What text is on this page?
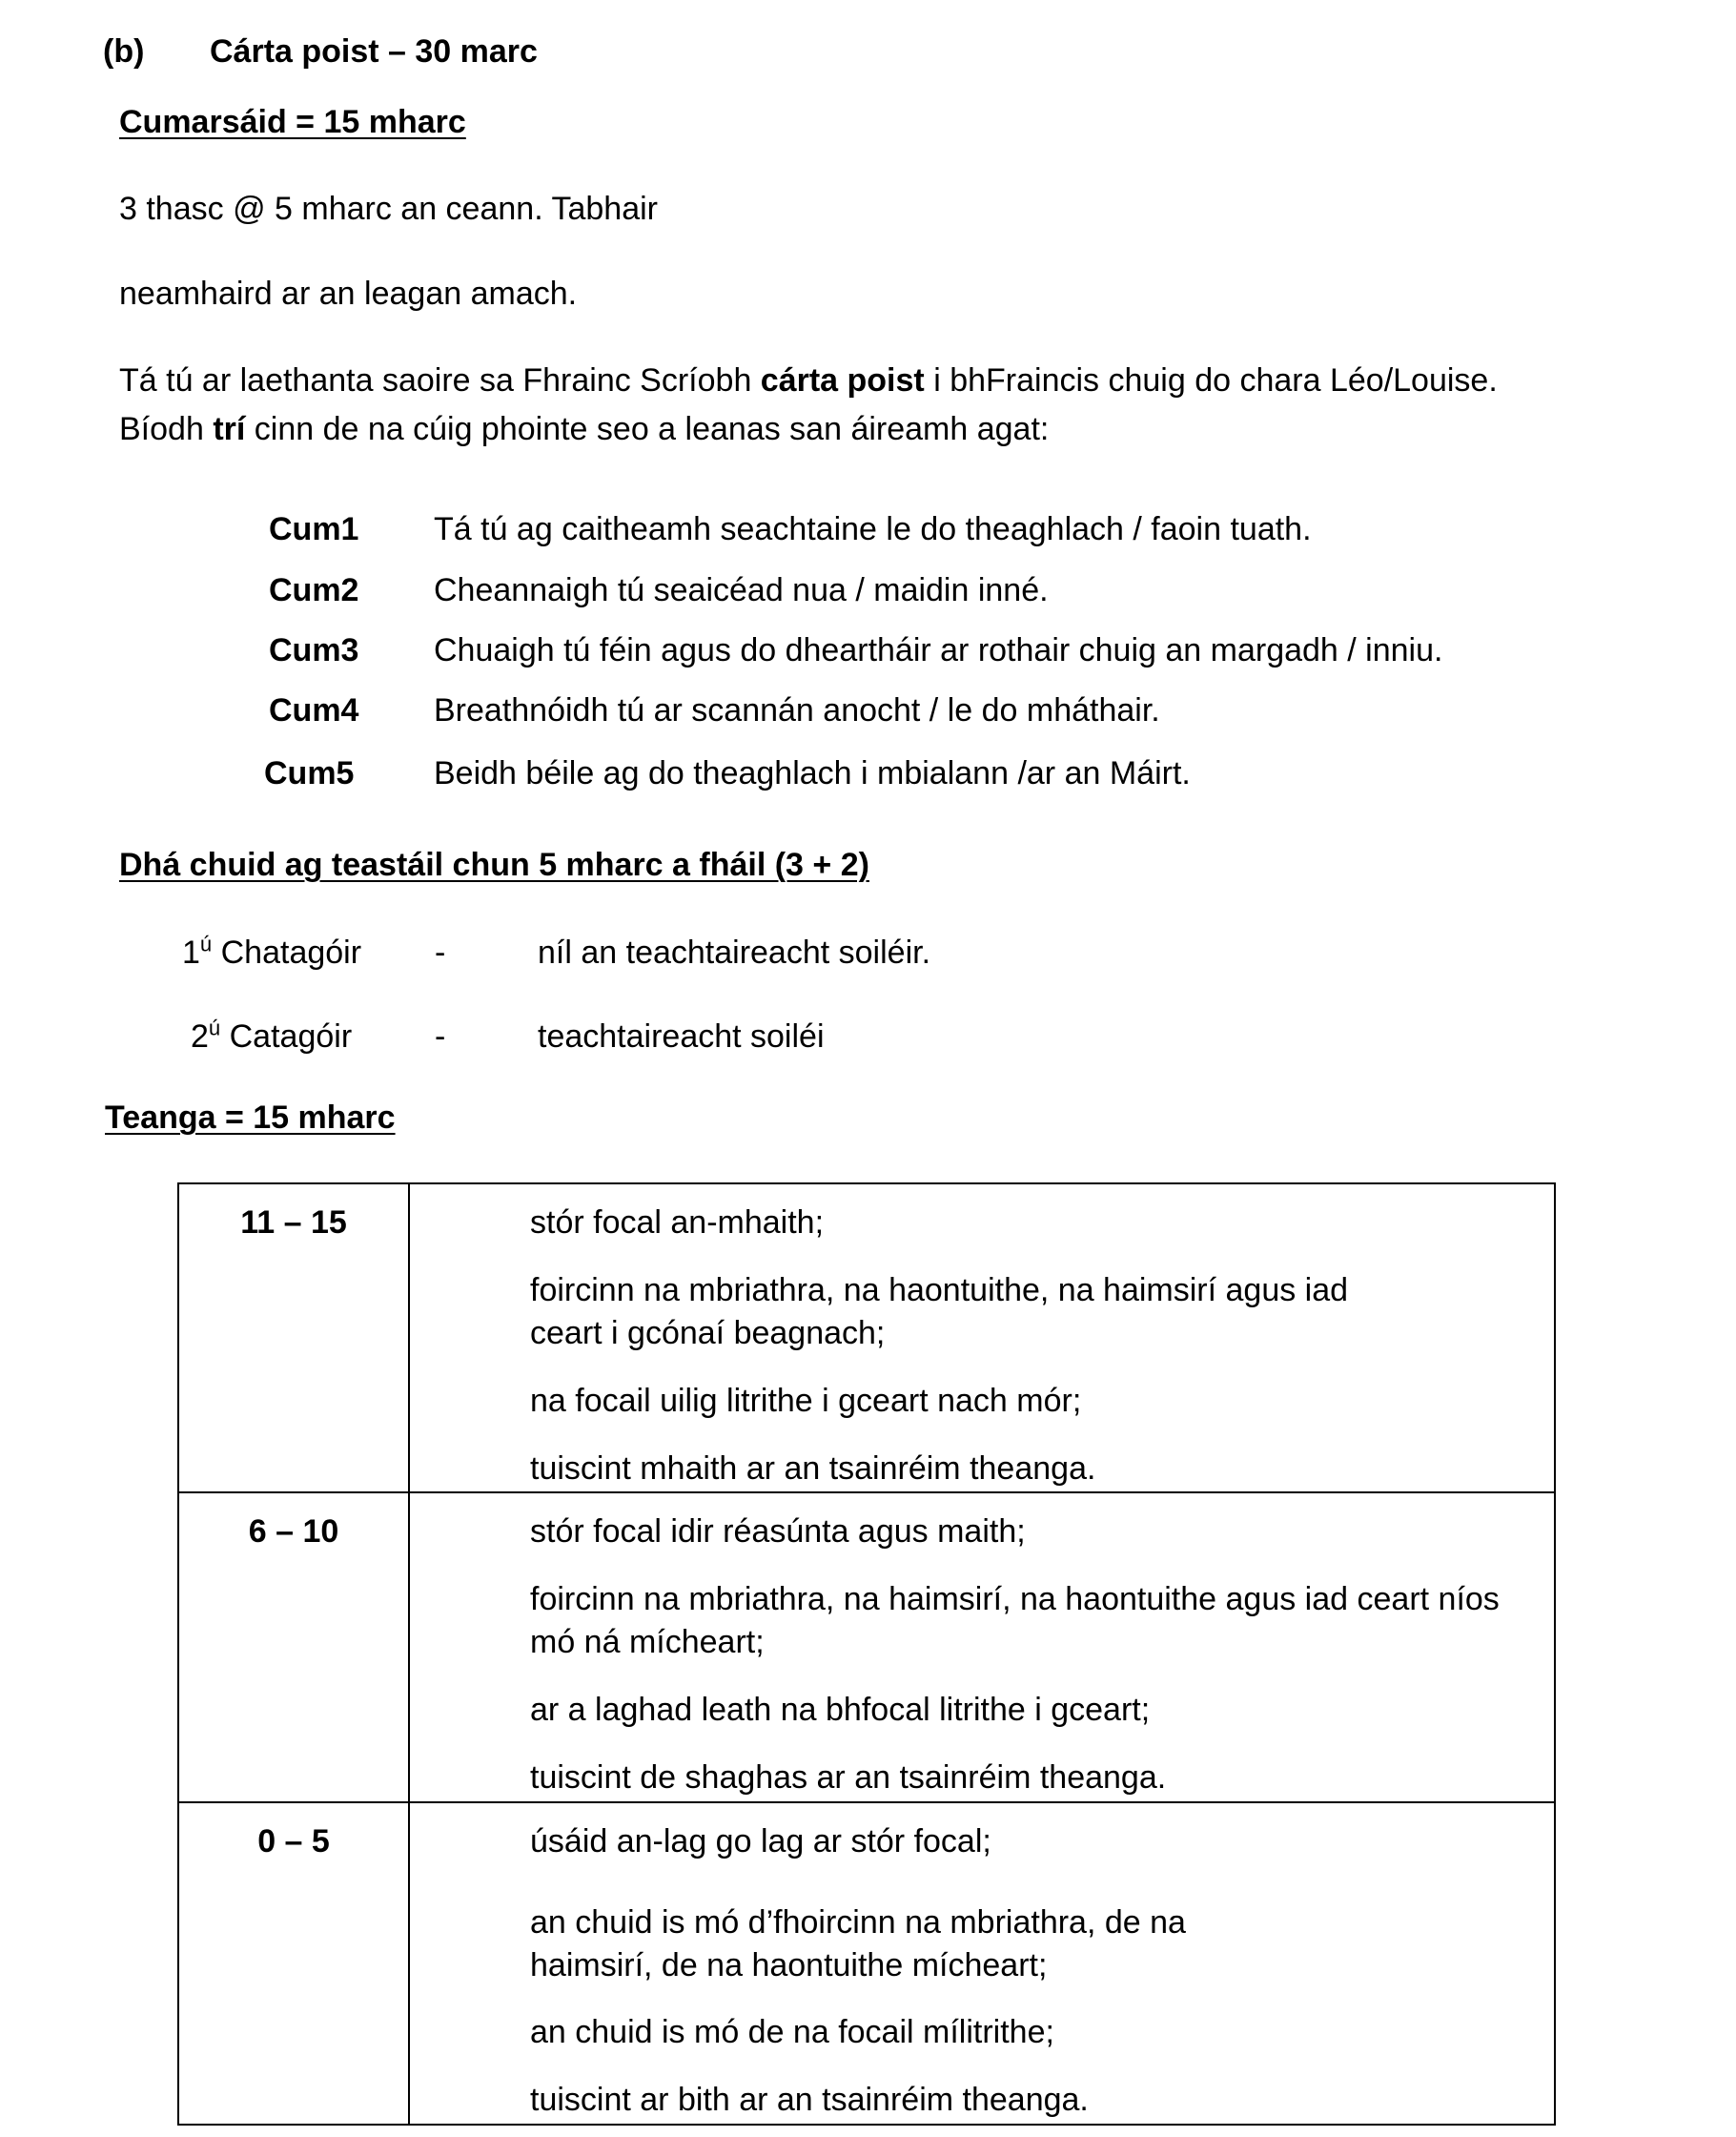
(b) Cárta poist – 30 marc
Cumarsáid = 15 mharc
3 thasc @ 5 mharc an ceann. Tabhair
neamhaird ar an leagan amach.
Tá tú ar laethanta saoire sa Fhrainc Scríobh cárta poist i bhFraincis chuig do chara Léo/Louise.
Bíodh trí cinn de na cúig phointe seo a leanas san áireamh agat:
Cum1 Tá tú ag caitheamh seachtaine le do theaghlach / faoin tuath.
Cum2 Cheannaigh tú seaicéad nua / maidin inné.
Cum3 Chuaigh tú féin agus do dheartháir ar rothair chuig an margadh / inniu.
Cum4 Breathnóidh tú ar scannán anocht / le do mháthair.
Cum5 Beidh béile ag do theaghlach i mbialann /ar an Máirt.
Dhá chuid ag teastáil chun 5 mharc a fháil (3 + 2)
$1^ú$ Chatagóir -	níl an teachtaireacht soiléir.
$2^ú$ Catagóir	-	teachtaireacht soiléi
Teanga = 15 mharc
11 – 15	stór focal an-mhaith;

foircinn na mbriathra, na haontuithe, na haimsirí agus iad ceart i gcónaí beagnach;

na focail uilig litrithe i gceart nach mór;

tuiscint mhaith ar an tsainréim theanga.

6 – 10	stór focal idir réasúnta agus maith;

foircinn na mbriathra, na haimsirí, na haontuithe agus iad ceart níos mó ná mícheart;

ar a laghad leath na bhfocal litrithe i gceart;

tuiscint de shaghas ar an tsainréim theanga.

0 – 5	úsáid an-lag go lag ar stór focal;

an chuid is mó d’fhoircinn na mbriathra, de na haimsirí, de na haontuithe mícheart;

an chuid is mó de na focail mílitrithe;

tuiscint ar bith ar an tsainréim theanga.
